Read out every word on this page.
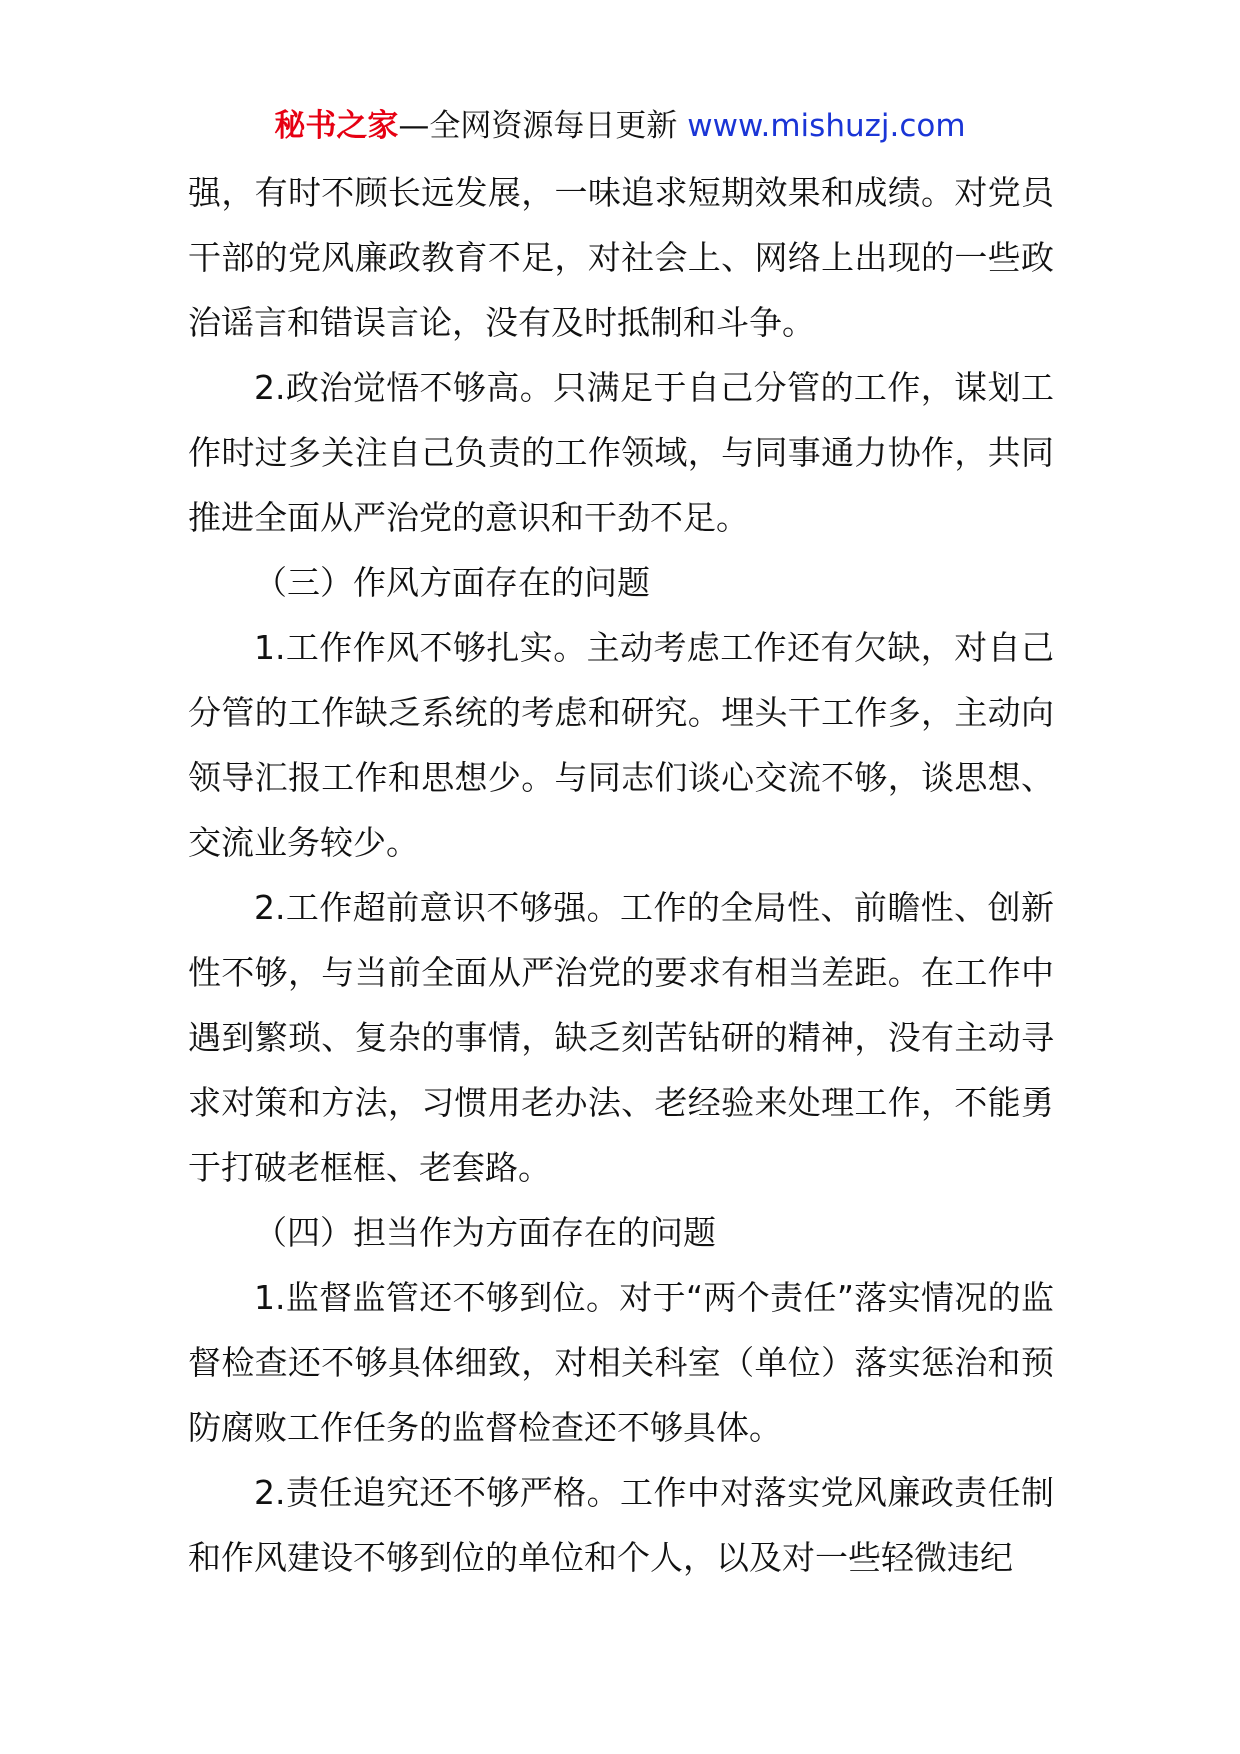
秘书之家—全网资源每日更新 www.mishuzj.com

强，有时不顾长远发展，一味追求短期效果和成绩。对党员干部的党风廉政教育不足，对社会上、网络上出现的一些政治谣言和错误言论，没有及时抵制和斗争。

2.政治觉悟不够高。只满足于自己分管的工作，谋划工作时过多关注自己负责的工作领域，与同事通力协作，共同推进全面从严治党的意识和干劲不足。

（三）作风方面存在的问题

1.工作作风不够扎实。主动考虑工作还有欠缺，对自己分管的工作缺乏系统的考虑和研究。埋头干工作多，主动向领导汇报工作和思想少。与同志们谈心交流不够，谈思想、交流业务较少。

2.工作超前意识不够强。工作的全局性、前瞻性、创新性不够，与当前全面从严治党的要求有相当差距。在工作中遇到繁琐、复杂的事情，缺乏刻苦钻研的精神，没有主动寻求对策和方法，习惯用老办法、老经验来处理工作，不能勇于打破老框框、老套路。

（四）担当作为方面存在的问题

1.监督监管还不够到位。对于“两个责任”落实情况的监督检查还不够具体细致，对相关科室（单位）落实惩治和预防腐败工作任务的监督检查还不够具体。

2.责任追究还不够严格。工作中对落实党风廉政责任制和作风建设不够到位的单位和个人，以及对一些轻微违纪
